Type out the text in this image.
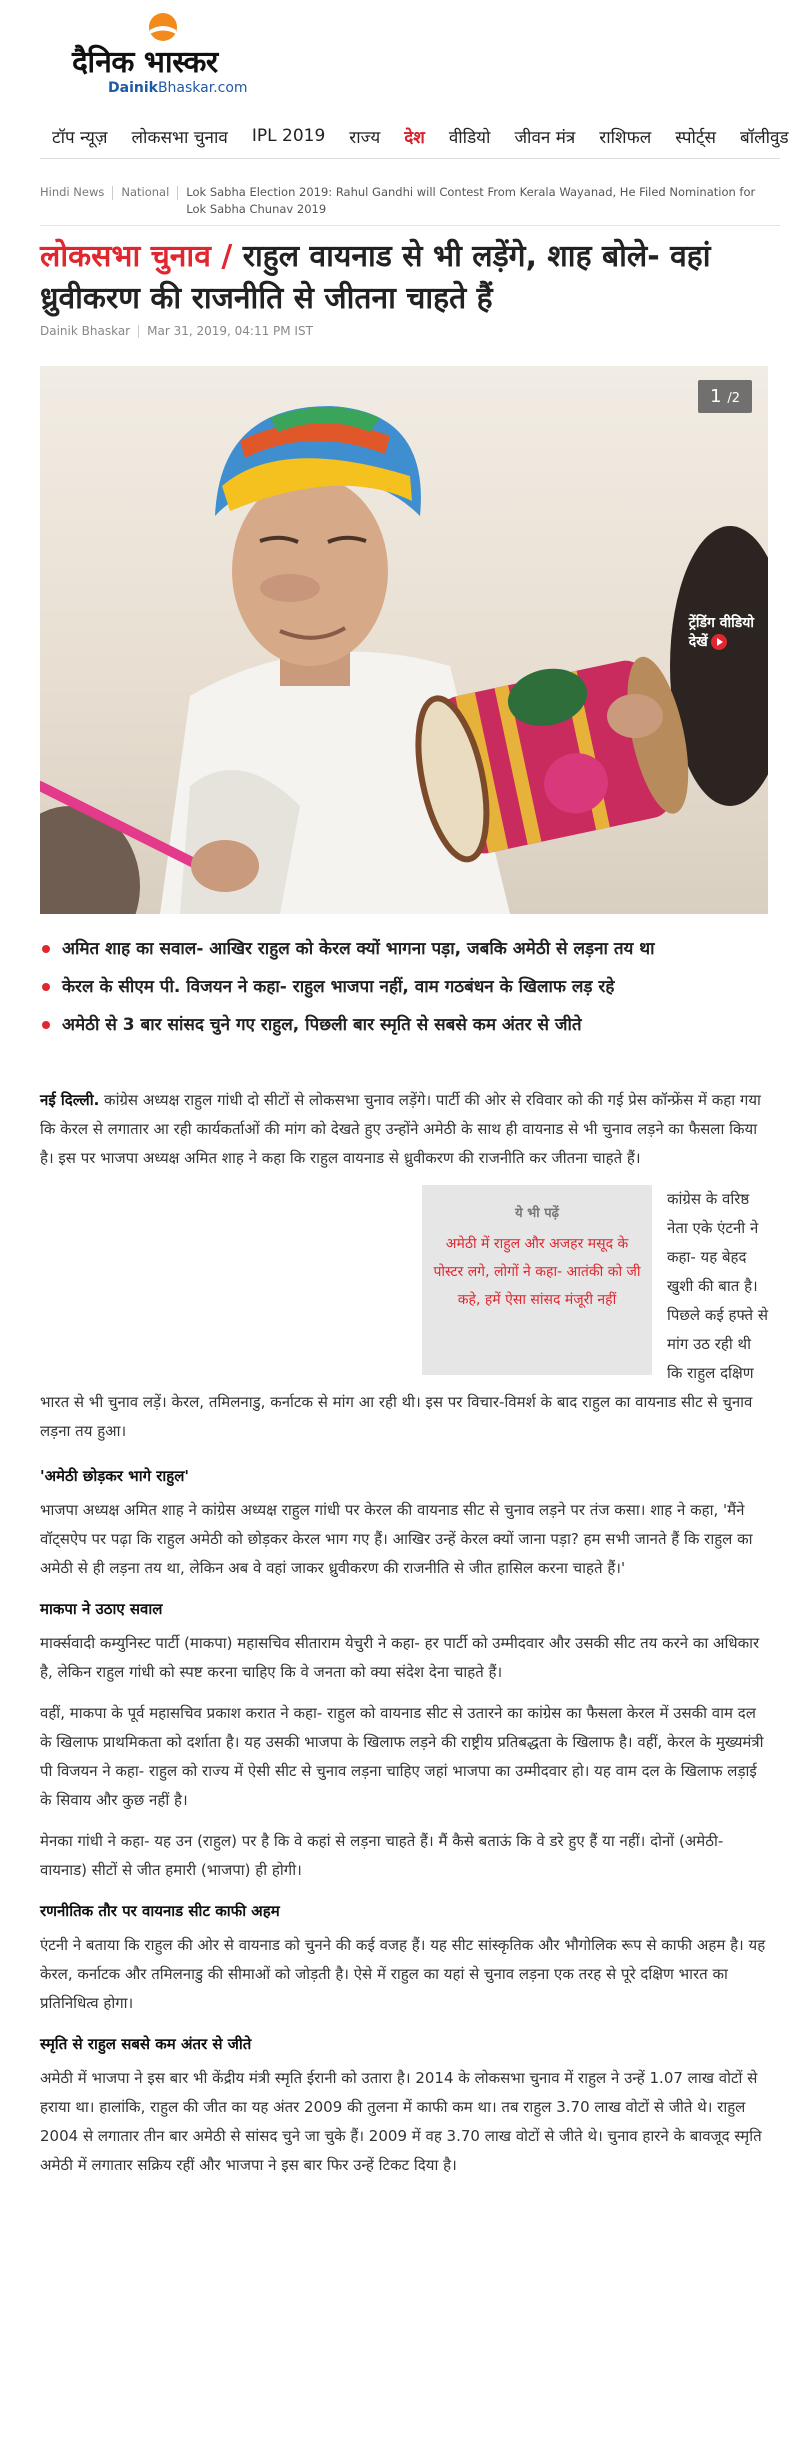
दैनिक भास्कर
DainikBhaskar.com
टॉप न्यूज़	लोकसभा चुनाव	IPL 2019	राज्य	देश	वीडियो	जीवन मंत्र	राशिफल	स्पोर्ट्स	बॉलीवुड
Hindi News National Lok Sabha Election 2019: Rahul Gandhi will Contest From Kerala Wayanad, He Filed Nomination for Lok Sabha Chunav 2019
लोकसभा चुनाव / राहुल वायनाड से भी लड़ेंगे, शाह बोले- वहां ध्रुवीकरण की राजनीति से जीतना चाहते हैं
Dainik Bhaskar Mar 31, 2019, 04:11 PM IST
1 /2
ट्रेंडिंग वीडियो
देखें
अमित शाह का सवाल- आखिर राहुल को केरल क्यों भागना पड़ा, जबकि अमेठी से लड़ना तय था
केरल के सीएम पी. विजयन ने कहा- राहुल भाजपा नहीं, वाम गठबंधन के खिलाफ लड़ रहे
अमेठी से 3 बार सांसद चुने गए राहुल, पिछली बार स्मृति से सबसे कम अंतर से जीते

नई दिल्ली. कांग्रेस अध्यक्ष राहुल गांधी दो सीटों से लोकसभा चुनाव लड़ेंगे। पार्टी की ओर से रविवार को की गई प्रेस कॉन्फ्रेंस में कहा गया कि केरल से लगातार आ रही कार्यकर्ताओं की मांग को देखते हुए उन्होंने अमेठी के साथ ही वायनाड से भी चुनाव लड़ने का फैसला किया है। इस पर भाजपा अध्यक्ष अमित शाह ने कहा कि राहुल वायनाड से ध्रुवीकरण की राजनीति कर जीतना चाहते हैं।

ये भी पढ़ें
अमेठी में राहुल और अजहर मसूद के पोस्टर लगे, लोगों ने कहा- आतंकी को जी कहे, हमें ऐसा सांसद मंजूरी नहीं

कांग्रेस के वरिष्ठ नेता एके एंटनी ने कहा- यह बेहद खुशी की बात है। पिछले कई हफ्ते से मांग उठ रही थी कि राहुल दक्षिण भारत से भी चुनाव लड़ें। केरल, तमिलनाडु, कर्नाटक से मांग आ रही थी। इस पर विचार-विमर्श के बाद राहुल का वायनाड सीट से चुनाव लड़ना तय हुआ।

'अमेठी छोड़कर भागे राहुल'

भाजपा अध्यक्ष अमित शाह ने कांग्रेस अध्यक्ष राहुल गांधी पर केरल की वायनाड सीट से चुनाव लड़ने पर तंज कसा। शाह ने कहा, 'मैंने वॉट्सऐप पर पढ़ा कि राहुल अमेठी को छोड़कर केरल भाग गए हैं। आखिर उन्हें केरल क्यों जाना पड़ा? हम सभी जानते हैं कि राहुल का अमेठी से ही लड़ना तय था, लेकिन अब वे वहां जाकर ध्रुवीकरण की राजनीति से जीत हासिल करना चाहते हैं।'

माकपा ने उठाए सवाल

मार्क्सवादी कम्युनिस्ट पार्टी (माकपा) महासचिव सीताराम येचुरी ने कहा- हर पार्टी को उम्मीदवार और उसकी सीट तय करने का अधिकार है, लेकिन राहुल गांधी को स्पष्ट करना चाहिए कि वे जनता को क्या संदेश देना चाहते हैं।

वहीं, माकपा के पूर्व महासचिव प्रकाश करात ने कहा- राहुल को वायनाड सीट से उतारने का कांग्रेस का फैसला केरल में उसकी वाम दल के खिलाफ प्राथमिकता को दर्शाता है। यह उसकी भाजपा के खिलाफ लड़ने की राष्ट्रीय प्रतिबद्धता के खिलाफ है। वहीं, केरल के मुख्यमंत्री पी विजयन ने कहा- राहुल को राज्य में ऐसी सीट से चुनाव लड़ना चाहिए जहां भाजपा का उम्मीदवार हो। यह वाम दल के खिलाफ लड़ाई के सिवाय और कुछ नहीं है।

मेनका गांधी ने कहा- यह उन (राहुल) पर है कि वे कहां से लड़ना चाहते हैं। मैं कैसे बताऊं कि वे डरे हुए हैं या नहीं। दोनों (अमेठी-वायनाड) सीटों से जीत हमारी (भाजपा) ही होगी।

रणनीतिक तौर पर वायनाड सीट काफी अहम

एंटनी ने बताया कि राहुल की ओर से वायनाड को चुनने की कई वजह हैं। यह सीट सांस्कृतिक और भौगोलिक रूप से काफी अहम है। यह केरल, कर्नाटक और तमिलनाडु की सीमाओं को जोड़ती है। ऐसे में राहुल का यहां से चुनाव लड़ना एक तरह से पूरे दक्षिण भारत का प्रतिनिधित्व होगा।

स्मृति से राहुल सबसे कम अंतर से जीते

अमेठी में भाजपा ने इस बार भी केंद्रीय मंत्री स्मृति ईरानी को उतारा है। 2014 के लोकसभा चुनाव में राहुल ने उन्हें 1.07 लाख वोटों से हराया था। हालांकि, राहुल की जीत का यह अंतर 2009 की तुलना में काफी कम था। तब राहुल 3.70 लाख वोटों से जीते थे। राहुल 2004 से लगातार तीन बार अमेठी से सांसद चुने जा चुके हैं। 2009 में वह 3.70 लाख वोटों से जीते थे। चुनाव हारने के बावजूद स्मृति अमेठी में लगातार सक्रिय रहीं और भाजपा ने इस बार फिर उन्हें टिकट दिया है।
